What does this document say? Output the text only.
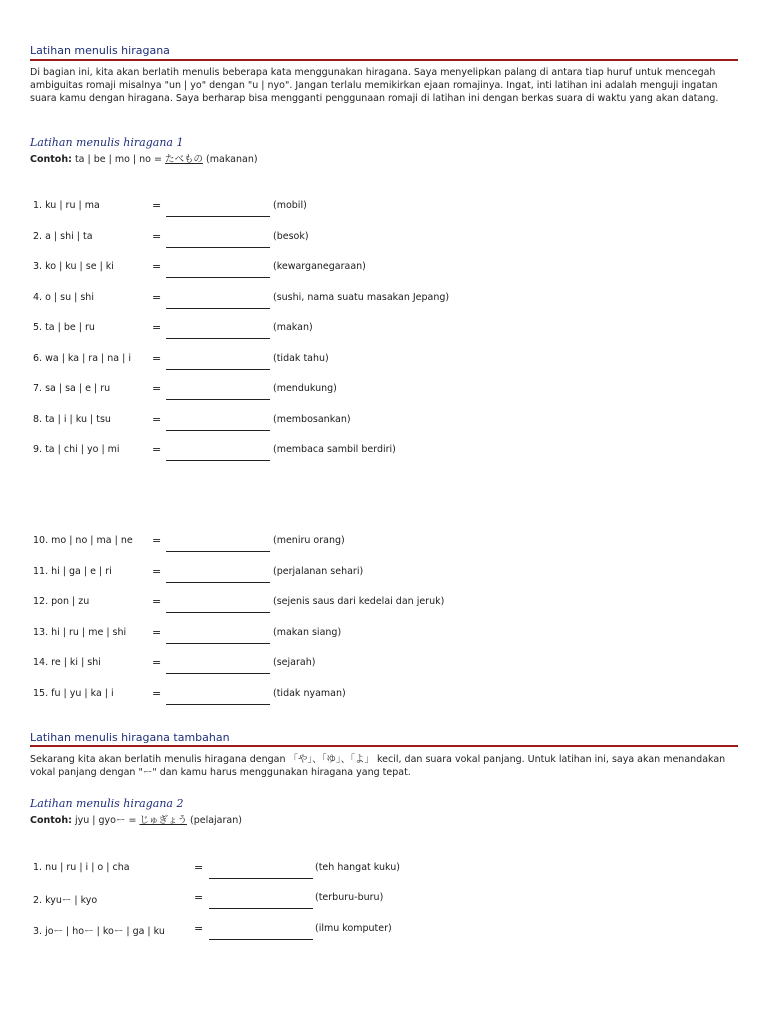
Latihan menulis hiragana
Di bagian ini, kita akan berlatih menulis beberapa kata menggunakan hiragana. Saya menyelipkan palang di antara tiap huruf untuk mencegah ambiguitas romaji misalnya "un | yo" dengan "u | nyo". Jangan terlalu memikirkan ejaan romajinya. Ingat, inti latihan ini adalah menguji ingatan suara kamu dengan hiragana. Saya berharap bisa mengganti penggunaan romaji di latihan ini dengan berkas suara di waktu yang akan datang.
Latihan menulis hiragana 1
Contoh: ta | be | mo | no = たべもの (makanan)
1. ku | ru | ma	=	(mobil)
2. a | shi | ta	=	(besok)
3. ko | ku | se | ki	=	(kewarganegaraan)
4. o | su | shi	=	(sushi, nama suatu masakan Jepang)
5. ta | be | ru	=	(makan)
6. wa | ka | ra | na | i =	(tidak tahu)
7. sa | sa | e | ru	=	(mendukung)
8. ta | i | ku | tsu	=	(membosankan)
9. ta | chi | yo | mi	=	(membaca sambil berdiri)
10. mo | no | ma | ne =	(meniru orang)
11. hi | ga | e | ri	=	(perjalanan sehari)
12. pon | zu	=	(sejenis saus dari kedelai dan jeruk)
13. hi | ru | me | shi =	(makan siang)
14. re | ki | shi	=	(sejarah)
15. fu | yu | ka | i	=	(tidak nyaman)
Latihan menulis hiragana tambahan
Sekarang kita akan berlatih menulis hiragana dengan 「や」、「ゆ」、「よ」 kecil, dan suara vokal panjang. Untuk latihan ini, saya akan menandakan vokal panjang dengan "ー" dan kamu harus menggunakan hiragana yang tepat.
Latihan menulis hiragana 2
Contoh: jyu | gyoー = じゅぎょう (pelajaran)
1. nu | ru | i | o | cha	=	(teh hangat kuku)
2. kyuー | kyo	=	(terburu-buru)
3. joー | hoー | koー | ga | ku	=	(ilmu komputer)
